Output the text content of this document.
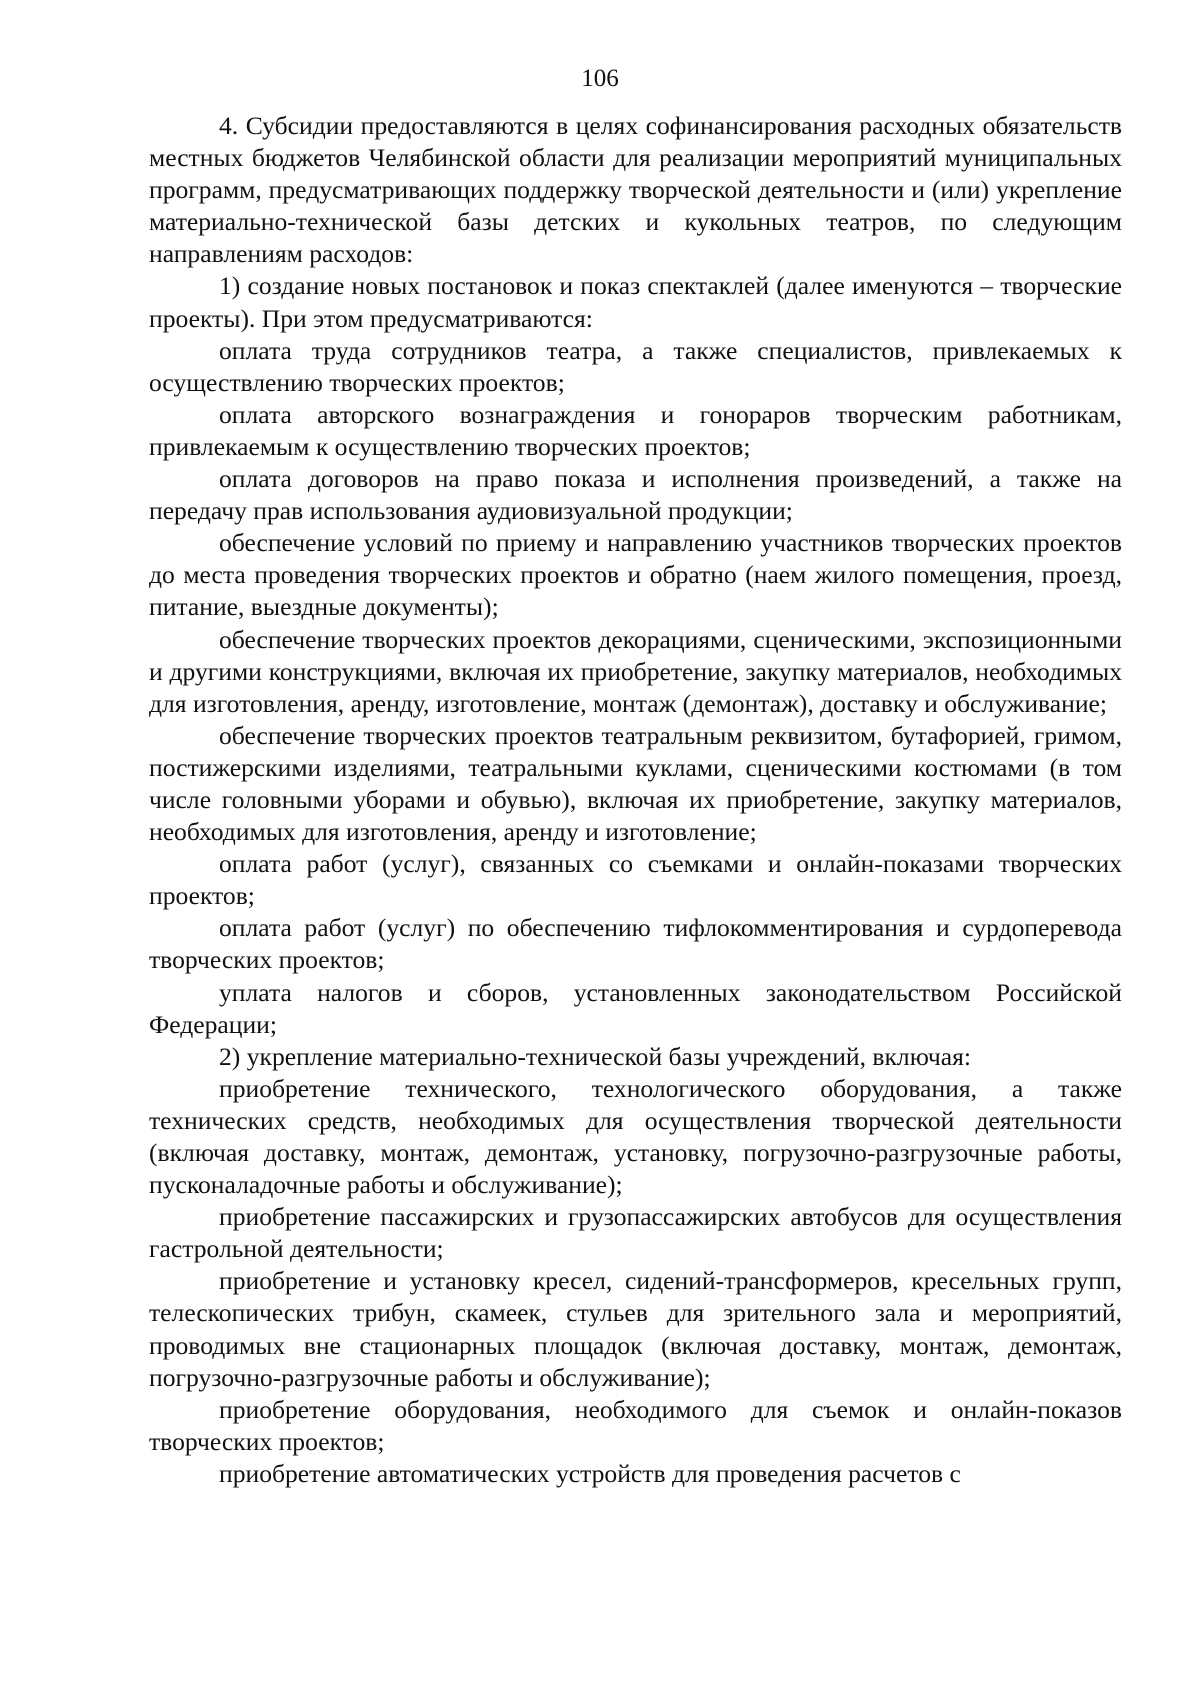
106

4. Субсидии предоставляются в целях софинансирования расходных обязательств местных бюджетов Челябинской области для реализации мероприятий муниципальных программ, предусматривающих поддержку творческой деятельности и (или) укрепление материально-технической базы детских и кукольных театров, по следующим направлениям расходов:

1) создание новых постановок и показ спектаклей (далее именуются – творческие проекты). При этом предусматриваются:

оплата труда сотрудников театра, а также специалистов, привлекаемых к осуществлению творческих проектов;

оплата авторского вознаграждения и гонораров творческим работникам, привлекаемым к осуществлению творческих проектов;

оплата договоров на право показа и исполнения произведений, а также на передачу прав использования аудиовизуальной продукции;

обеспечение условий по приему и направлению участников творческих проектов до места проведения творческих проектов и обратно (наем жилого помещения, проезд, питание, выездные документы);

обеспечение творческих проектов декорациями, сценическими, экспозиционными и другими конструкциями, включая их приобретение, закупку материалов, необходимых для изготовления, аренду, изготовление, монтаж (демонтаж), доставку и обслуживание;

обеспечение творческих проектов театральным реквизитом, бутафорией, гримом, постижерскими изделиями, театральными куклами, сценическими костюмами (в том числе головными уборами и обувью), включая их приобретение, закупку материалов, необходимых для изготовления, аренду и изготовление;

оплата работ (услуг), связанных со съемками и онлайн-показами творческих проектов;

оплата работ (услуг) по обеспечению тифлокомментирования и сурдоперевода творческих проектов;

уплата налогов и сборов, установленных законодательством Российской Федерации;

2) укрепление материально-технической базы учреждений, включая:

приобретение технического, технологического оборудования, а также технических средств, необходимых для осуществления творческой деятельности (включая доставку, монтаж, демонтаж, установку, погрузочно-разгрузочные работы, пусконаладочные работы и обслуживание);

приобретение пассажирских и грузопассажирских автобусов для осуществления гастрольной деятельности;

приобретение и установку кресел, сидений-трансформеров, кресельных групп, телескопических трибун, скамеек, стульев для зрительного зала и мероприятий, проводимых вне стационарных площадок (включая доставку, монтаж, демонтаж, погрузочно-разгрузочные работы и обслуживание);

приобретение оборудования, необходимого для съемок и онлайн-показов творческих проектов;

приобретение автоматических устройств для проведения расчетов с
